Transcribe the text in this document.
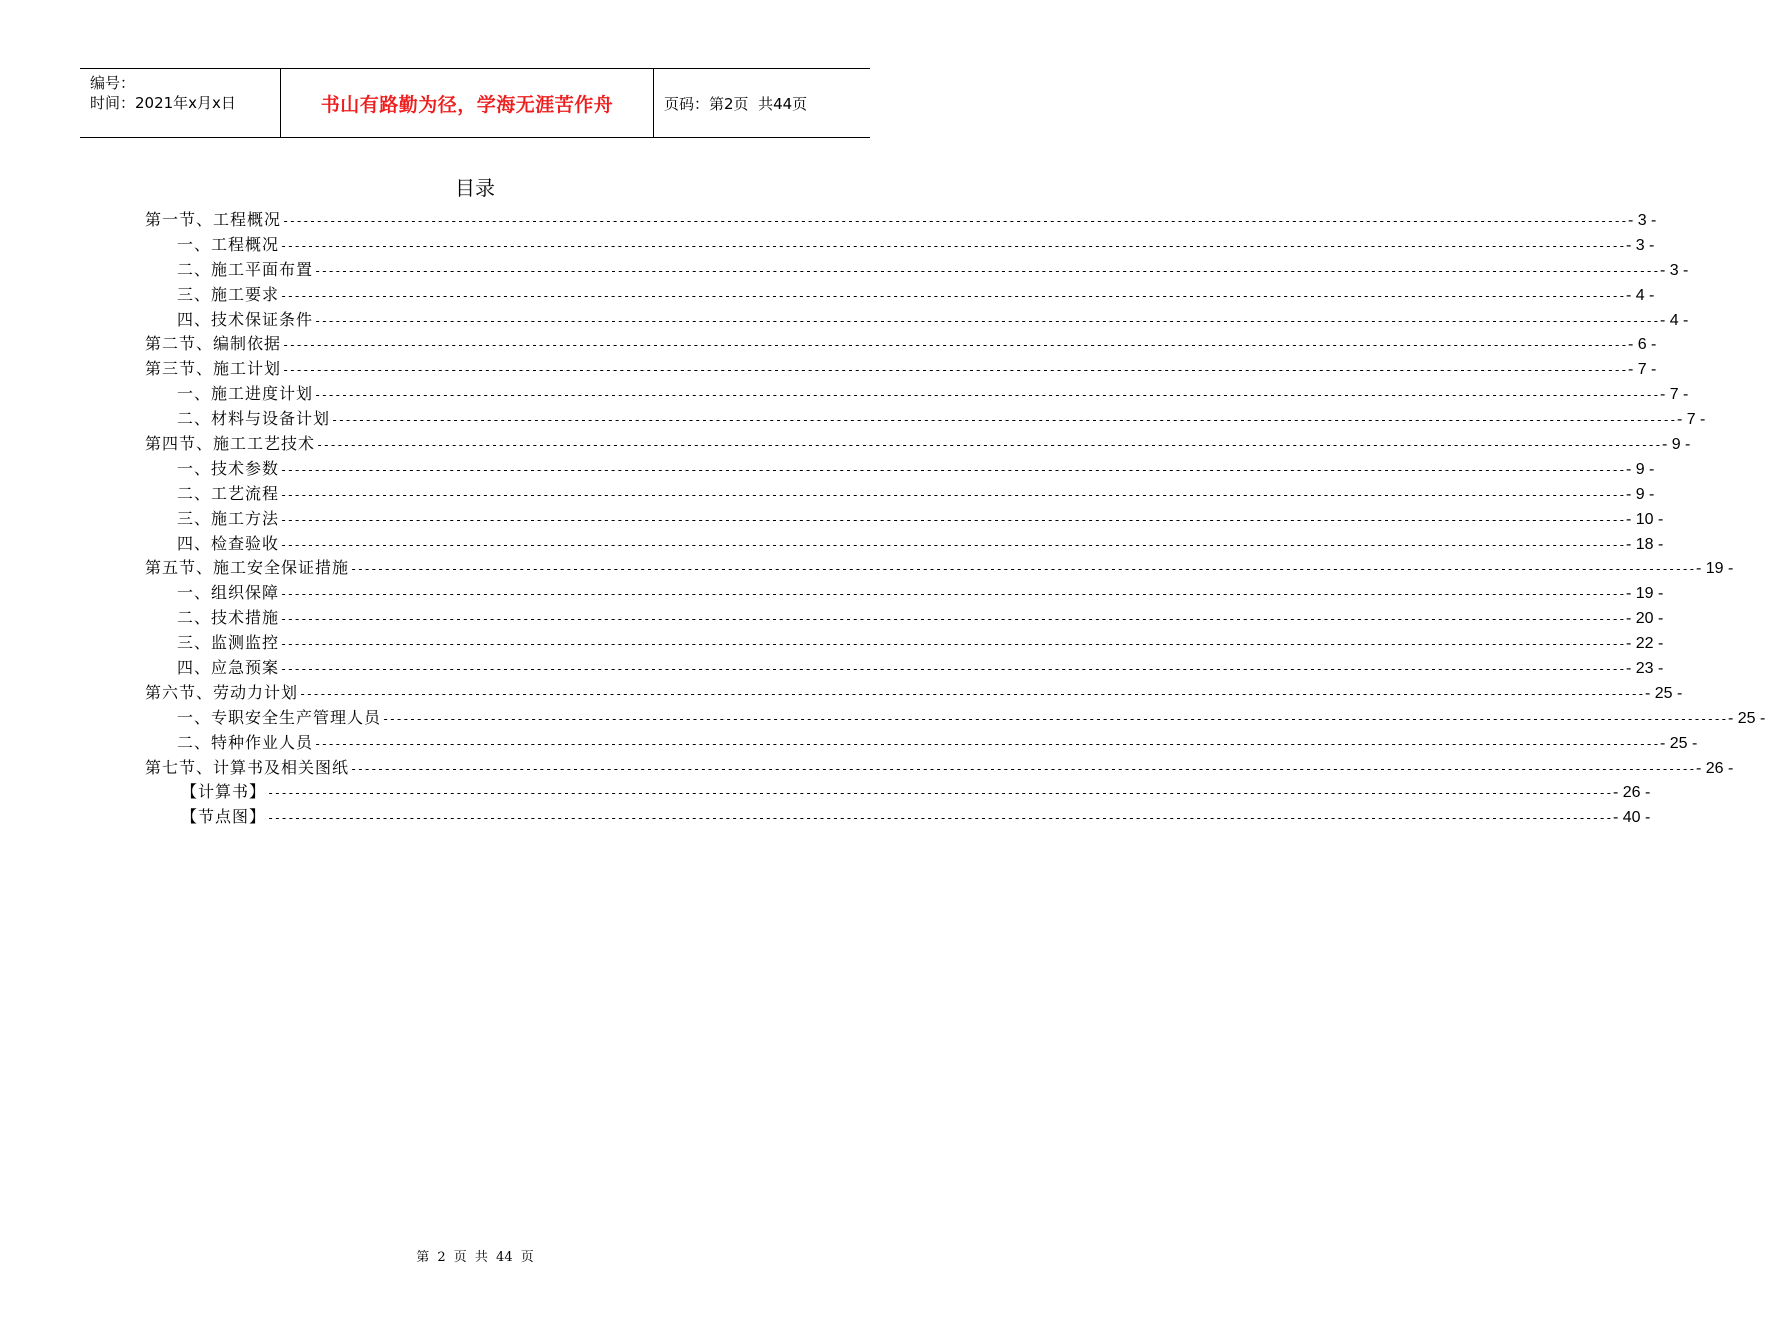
编号：
时间：2021年x月x日	书山有路勤为径，学海无涯苦作舟	页码：第2页  共44页
目录
第一节、工程概况 -------------------------------------------------------------------------------------------------------------------------------------------------------------------------------------------------------- - 3 -
一、工程概况 -------------------------------------------------------------------------------------------------------------------------------------------------------------------------------------------------------- - 3 -
二、施工平面布置 -------------------------------------------------------------------------------------------------------------------------------------------------------------------------------------------------------- - 3 -
三、施工要求 -------------------------------------------------------------------------------------------------------------------------------------------------------------------------------------------------------- - 4 -
四、技术保证条件 -------------------------------------------------------------------------------------------------------------------------------------------------------------------------------------------------------- - 4 -
第二节、编制依据 -------------------------------------------------------------------------------------------------------------------------------------------------------------------------------------------------------- - 6 -
第三节、施工计划 -------------------------------------------------------------------------------------------------------------------------------------------------------------------------------------------------------- - 7 -
一、施工进度计划 -------------------------------------------------------------------------------------------------------------------------------------------------------------------------------------------------------- - 7 -
二、材料与设备计划 -------------------------------------------------------------------------------------------------------------------------------------------------------------------------------------------------------- - 7 -
第四节、施工工艺技术 -------------------------------------------------------------------------------------------------------------------------------------------------------------------------------------------------------- - 9 -
一、技术参数 -------------------------------------------------------------------------------------------------------------------------------------------------------------------------------------------------------- - 9 -
二、工艺流程 -------------------------------------------------------------------------------------------------------------------------------------------------------------------------------------------------------- - 9 -
三、施工方法 -------------------------------------------------------------------------------------------------------------------------------------------------------------------------------------------------------- - 10 -
四、检查验收 -------------------------------------------------------------------------------------------------------------------------------------------------------------------------------------------------------- - 18 -
第五节、施工安全保证措施 -------------------------------------------------------------------------------------------------------------------------------------------------------------------------------------------------------- - 19 -
一、组织保障 -------------------------------------------------------------------------------------------------------------------------------------------------------------------------------------------------------- - 19 -
二、技术措施 -------------------------------------------------------------------------------------------------------------------------------------------------------------------------------------------------------- - 20 -
三、监测监控 -------------------------------------------------------------------------------------------------------------------------------------------------------------------------------------------------------- - 22 -
四、应急预案 -------------------------------------------------------------------------------------------------------------------------------------------------------------------------------------------------------- - 23 -
第六节、劳动力计划 -------------------------------------------------------------------------------------------------------------------------------------------------------------------------------------------------------- - 25 -
一、专职安全生产管理人员 -------------------------------------------------------------------------------------------------------------------------------------------------------------------------------------------------------- - 25 -
二、特种作业人员 -------------------------------------------------------------------------------------------------------------------------------------------------------------------------------------------------------- - 25 -
第七节、计算书及相关图纸 -------------------------------------------------------------------------------------------------------------------------------------------------------------------------------------------------------- - 26 -
【计算书】 -------------------------------------------------------------------------------------------------------------------------------------------------------------------------------------------------------- - 26 -
【节点图】 -------------------------------------------------------------------------------------------------------------------------------------------------------------------------------------------------------- - 40 -
第 2 页 共 44 页
